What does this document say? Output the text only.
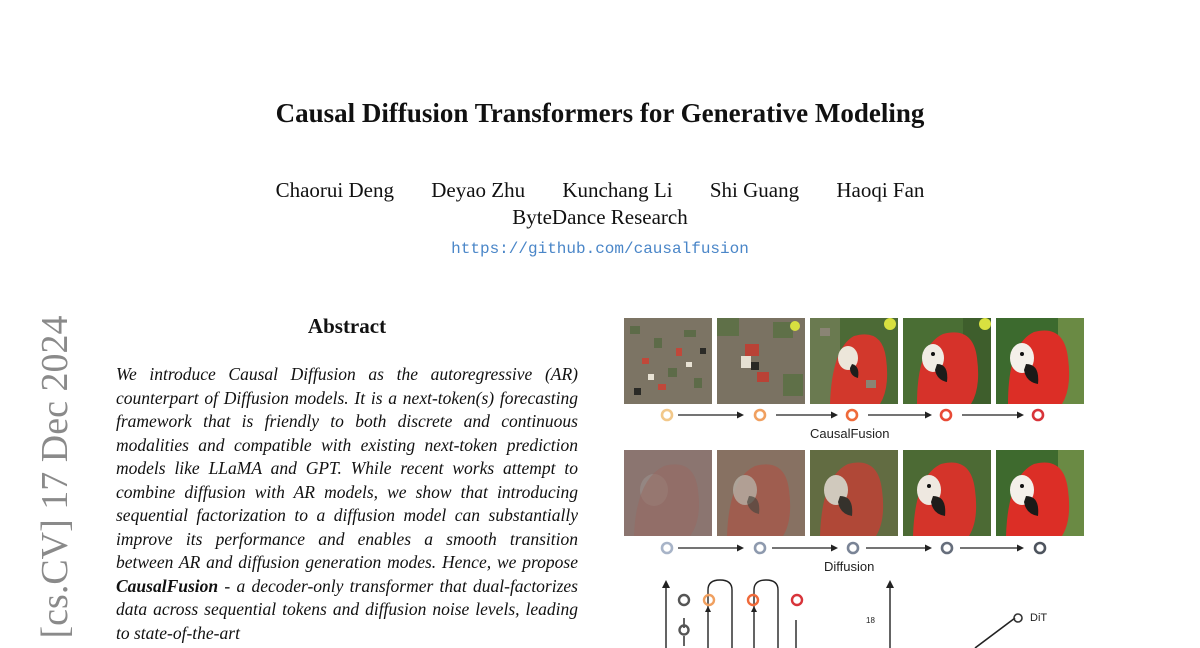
Causal Diffusion Transformers for Generative Modeling
Chaorui Deng Deyao Zhu Kunchang Li Shi Guang Haoqi Fan
ByteDance Research
https://github.com/causalfusion
[cs.CV] 17 Dec 2024	Abstract
We introduce Causal Diffusion as the autoregressive (AR) counterpart of Diffusion models. It is a next-token(s) forecasting framework that is friendly to both discrete and continuous modalities and compatible with existing next-token prediction models like LLaMA and GPT. While recent works attempt to combine diffusion with AR models, we show that introducing sequential factorization to a diffusion model can substantially improve its performance and enables a smooth transition between AR and diffusion generation modes. Hence, we propose CausalFusion - a decoder-only transformer that dual-factorizes data across sequential tokens and diffusion noise levels, leading to state-of-the-art
CausalFusion
Diffusion
18	DiT
